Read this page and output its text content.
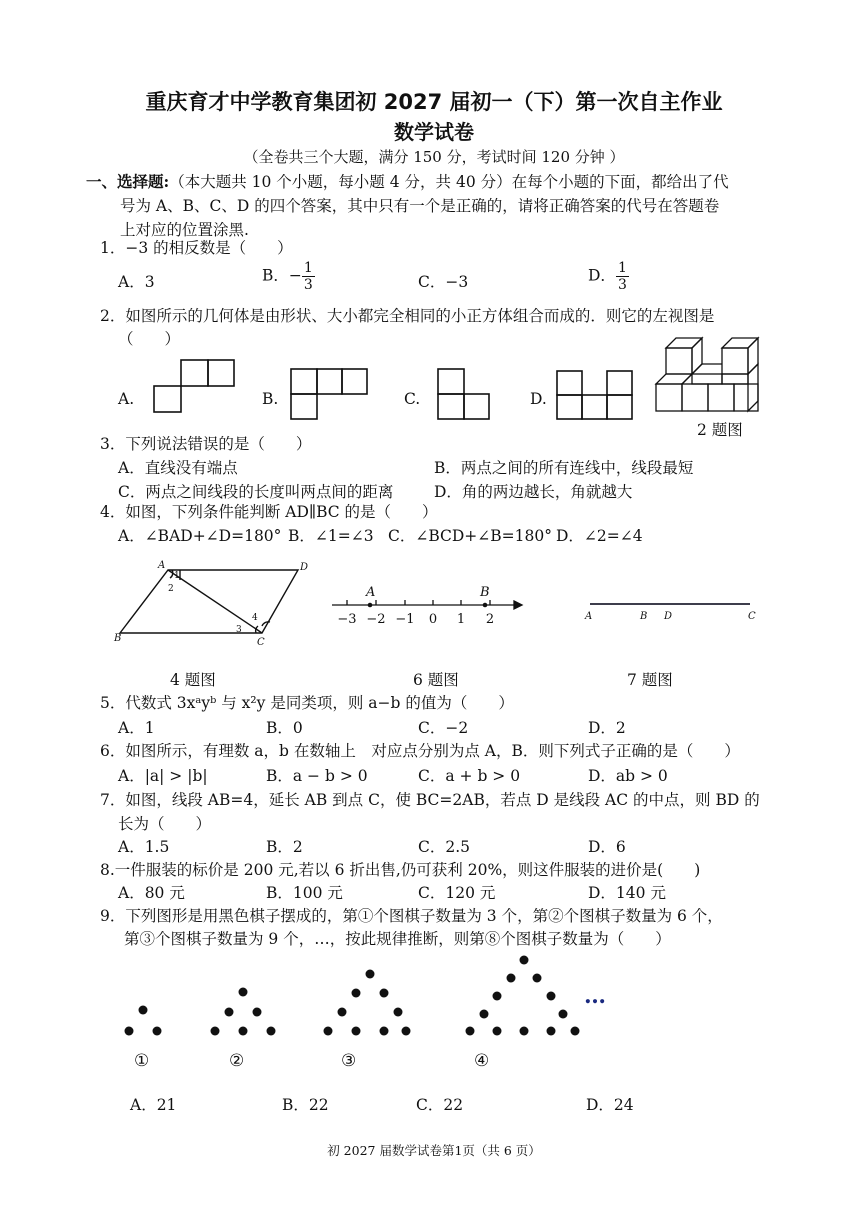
重庆育才中学教育集团初 2027 届初一（下）第一次自主作业
数学试卷
（全卷共三个大题，满分 150 分，考试时间 120 分钟 ）
一、选择题:（本大题共 10 个小题，每小题 4 分，共 40 分）在每个小题的下面，都给出了代
号为 A、B、C、D 的四个答案，其中只有一个是正确的，请将正确答案的代号在答题卷
上对应的位置涂黑.
1．−3 的相反数是（　　）
A．3	B．− $\frac{1}{3}$	C．−3	D． $\frac{1}{3}$
2．如图所示的几何体是由形状、大小都完全相同的小正方体组合而成的．则它的左视图是
（　　）
A.	B.	C.	D.
2 题图
3．下列说法错误的是（　　）
A．直线没有端点	B．两点之间的所有连线中，线段最短
C．两点之间线段的长度叫两点间的距离	D．角的两边越长，角就越大
4．如图，下列条件能判断 AD∥BC 的是（　　）
A．∠BAD+∠D=180° B．∠1=∠3 C．∠BCD+∠B=180° D．∠2=∠4
A	D
B	C
1
2
3
4
A	B
−3 −2 −1 0 1 2	A	B D	C
4 题图	6 题图	7 题图
5．代数式 3xᵃyᵇ 与 x²y 是同类项，则 a−b 的值为（　　）
A．1	B．0	C．−2	D．2
6．如图所示，有理数 a，b 在数轴上　对应点分别为点 A，B．则下列式子正确的是（　　）
A．|a| > |b|	B．a − b > 0	C．a + b > 0	D．ab > 0
7．如图，线段 AB=4，延长 AB 到点 C，使 BC=2AB，若点 D 是线段 AC 的中点，则 BD 的
长为（　　）
A．1.5	B．2	C．2.5	D．6
8.一件服装的标价是 200 元,若以 6 折出售,仍可获利 20%，则这件服装的进价是(　　)
A．80 元	B．100 元	C．120 元	D．140 元
9．下列图形是用黑色棋子摆成的，第①个图棋子数量为 3 个，第②个图棋子数量为 6 个，
第③个图棋子数量为 9 个，…，按此规律推断，则第⑧个图棋子数量为（　　）
…
①	②	③	④
A．21	B．22	C．22	D．24
初 2027 届数学试卷第1页（共 6 页）
